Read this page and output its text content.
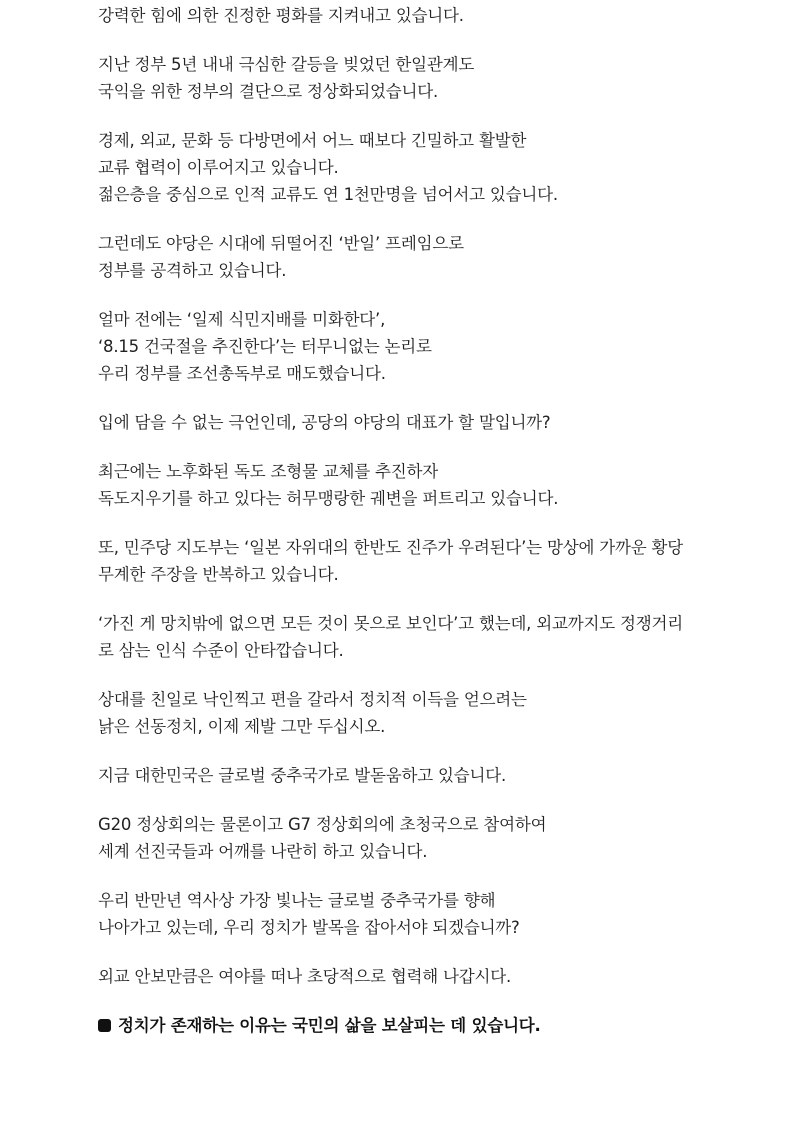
강력한 힘에 의한 진정한 평화를 지켜내고 있습니다.
지난 정부 5년 내내 극심한 갈등을 빚었던 한일관계도
국익을 위한 정부의 결단으로 정상화되었습니다.
경제, 외교, 문화 등 다방면에서 어느 때보다 긴밀하고 활발한
교류 협력이 이루어지고 있습니다.
젊은층을 중심으로 인적 교류도 연 1천만명을 넘어서고 있습니다.
그런데도 야당은 시대에 뒤떨어진 ‘반일’ 프레임으로
정부를 공격하고 있습니다.
얼마 전에는 ‘일제 식민지배를 미화한다’,
‘8.15 건국절을 추진한다’는 터무니없는 논리로
우리 정부를 조선총독부로 매도했습니다.
입에 담을 수 없는 극언인데, 공당의 야당의 대표가 할 말입니까?
최근에는 노후화된 독도 조형물 교체를 추진하자
독도지우기를 하고 있다는 허무맹랑한 궤변을 퍼트리고 있습니다.
또, 민주당 지도부는 ‘일본 자위대의 한반도 진주가 우려된다’는 망상에 가까운 황당
무계한 주장을 반복하고 있습니다.
‘가진 게 망치밖에 없으면 모든 것이 못으로 보인다’고 했는데, 외교까지도 정쟁거리
로 삼는 인식 수준이 안타깝습니다.
상대를 친일로 낙인찍고 편을 갈라서 정치적 이득을 얻으려는
낡은 선동정치, 이제 제발 그만 두십시오.
지금 대한민국은 글로벌 중추국가로 발돋움하고 있습니다.
G20 정상회의는 물론이고 G7 정상회의에 초청국으로 참여하여
세계 선진국들과 어깨를 나란히 하고 있습니다.
우리 반만년 역사상 가장 빛나는 글로벌 중추국가를 향해
나아가고 있는데, 우리 정치가 발목을 잡아서야 되겠습니까?
외교 안보만큼은 여야를 떠나 초당적으로 협력해 나갑시다.
정치가 존재하는 이유는 국민의 삶을 보살피는 데 있습니다.
